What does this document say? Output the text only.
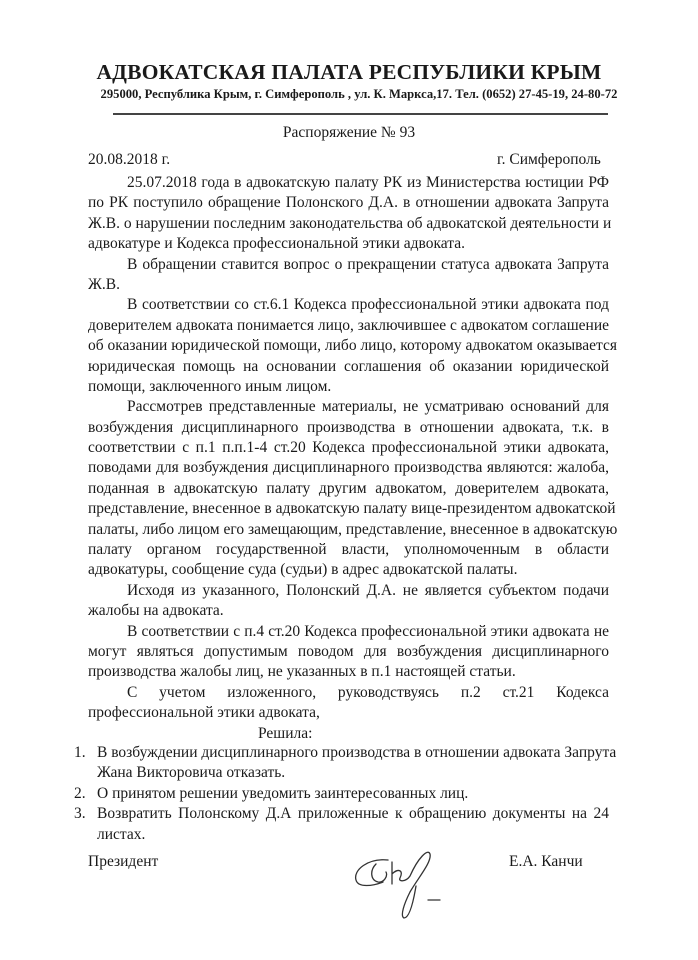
АДВОКАТСКАЯ ПАЛАТА РЕСПУБЛИКИ КРЫМ
295000, Республика Крым, г. Симферополь , ул. К. Маркса,17. Тел. (0652) 27-45-19, 24-80-72
Распоряжение № 93
20.08.2018 г.	г. Симферополь
25.07.2018 года в адвокатскую палату РК из Министерства юстиции РФ
по РК поступило обращение Полонского Д.А. в отношении адвоката Запрута
Ж.В. о нарушении последним законодательства об адвокатской деятельности и
адвокатуре и Кодекса профессиональной этики адвоката.
В обращении ставится вопрос о прекращении статуса адвоката Запрута
Ж.В.
В соответствии со ст.6.1 Кодекса профессиональной этики адвоката под
доверителем адвоката понимается лицо, заключившее с адвокатом соглашение
об оказании юридической помощи, либо лицо, которому адвокатом оказывается
юридическая помощь на основании соглашения об оказании юридической
помощи, заключенного иным лицом.
Рассмотрев представленные материалы, не усматриваю оснований для
возбуждения дисциплинарного производства в отношении адвоката, т.к. в
соответствии с п.1 п.п.1-4 ст.20 Кодекса профессиональной этики адвоката,
поводами для возбуждения дисциплинарного производства являются: жалоба,
поданная в адвокатскую палату другим адвокатом, доверителем адвоката,
представление, внесенное в адвокатскую палату вице-президентом адвокатской
палаты, либо лицом его замещающим, представление, внесенное в адвокатскую
палату органом государственной власти, уполномоченным в области
адвокатуры, сообщение суда (судьи) в адрес адвокатской палаты.
Исходя из указанного, Полонский Д.А. не является субъектом подачи
жалобы на адвоката.
В соответствии с п.4 ст.20 Кодекса профессиональной этики адвоката не
могут являться допустимым поводом для возбуждения дисциплинарного
производства жалобы лиц, не указанных в п.1 настоящей статьи.
С учетом изложенного, руководствуясь п.2 ст.21 Кодекса
профессиональной этики адвоката,
Решила:
1. В возбуждении дисциплинарного производства в отношении адвоката Запрута
Жана Викторовича отказать.
2. О принятом решении уведомить заинтересованных лиц.
3. Возвратить Полонскому Д.А приложенные к обращению документы на 24
листах.
Президент	Е.А. Канчи
